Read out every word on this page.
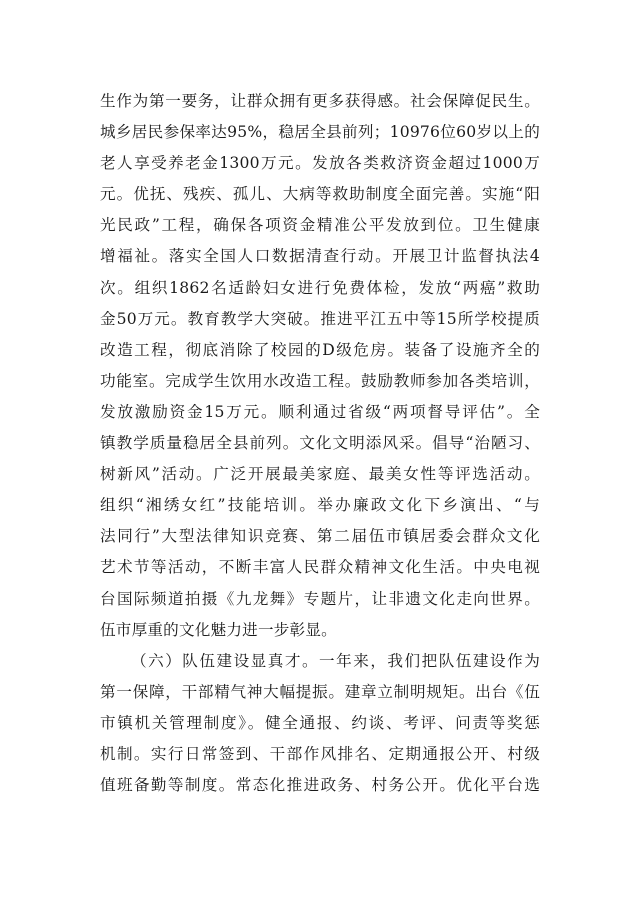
生作为第一要务，让群众拥有更多获得感。社会保障促民生。
城乡居民参保率达95%，稳居全县前列；10976位60岁以上的
老人享受养老金1300万元。发放各类救济资金超过1000万
元。优抚、残疾、孤儿、大病等救助制度全面完善。实施“阳
光民政”工程，确保各项资金精准公平发放到位。卫生健康
增福祉。落实全国人口数据清查行动。开展卫计监督执法4
次。组织1862名适龄妇女进行免费体检，发放“两癌”救助
金50万元。教育教学大突破。推进平江五中等15所学校提质
改造工程，彻底消除了校园的D级危房。装备了设施齐全的
功能室。完成学生饮用水改造工程。鼓励教师参加各类培训，
发放激励资金15万元。顺利通过省级“两项督导评估”。全
镇教学质量稳居全县前列。文化文明添风采。倡导“治陋习、
树新风”活动。广泛开展最美家庭、最美女性等评选活动。
组织“湘绣女红”技能培训。举办廉政文化下乡演出、“与
法同行”大型法律知识竞赛、第二届伍市镇居委会群众文化
艺术节等活动，不断丰富人民群众精神文化生活。中央电视
台国际频道拍摄《九龙舞》专题片，让非遗文化走向世界。
伍市厚重的文化魅力进一步彰显。
（六）队伍建设显真才。一年来，我们把队伍建设作为
第一保障，干部精气神大幅提振。建章立制明规矩。出台《伍
市镇机关管理制度》。健全通报、约谈、考评、问责等奖惩
机制。实行日常签到、干部作风排名、定期通报公开、村级
值班备勤等制度。常态化推进政务、村务公开。优化平台选
